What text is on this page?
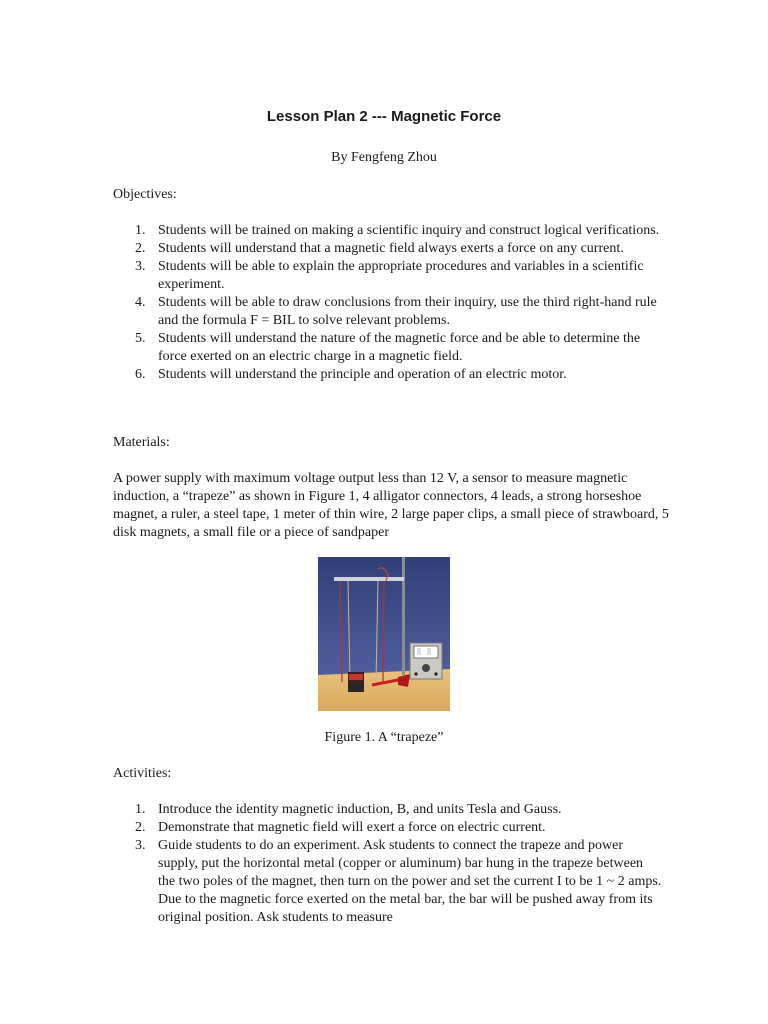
Lesson Plan 2 --- Magnetic Force
By Fengfeng Zhou
Objectives:
1. Students will be trained on making a scientific inquiry and construct logical verifications.
2. Students will understand that a magnetic field always exerts a force on any current.
3. Students will be able to explain the appropriate procedures and variables in a scientific experiment.
4. Students will be able to draw conclusions from their inquiry, use the third right-hand rule and the formula F = BIL to solve relevant problems.
5. Students will understand the nature of the magnetic force and be able to determine the force exerted on an electric charge in a magnetic field.
6. Students will understand the principle and operation of an electric motor.
Materials:
A power supply with maximum voltage output less than 12 V, a sensor to measure magnetic induction, a “trapeze” as shown in Figure 1, 4 alligator connectors, 4 leads, a strong horseshoe magnet, a ruler, a steel tape, 1 meter of thin wire, 2 large paper clips, a small piece of strawboard, 5 disk magnets, a small file or a piece of sandpaper
Figure 1. A “trapeze”
Activities:
1. Introduce the identity magnetic induction, B, and units Tesla and Gauss.
2. Demonstrate that magnetic field will exert a force on electric current.
3. Guide students to do an experiment. Ask students to connect the trapeze and power supply, put the horizontal metal (copper or aluminum) bar hung in the trapeze between the two poles of the magnet, then turn on the power and set the current I to be 1 ~ 2 amps. Due to the magnetic force exerted on the metal bar, the bar will be pushed away from its original position. Ask students to measure
